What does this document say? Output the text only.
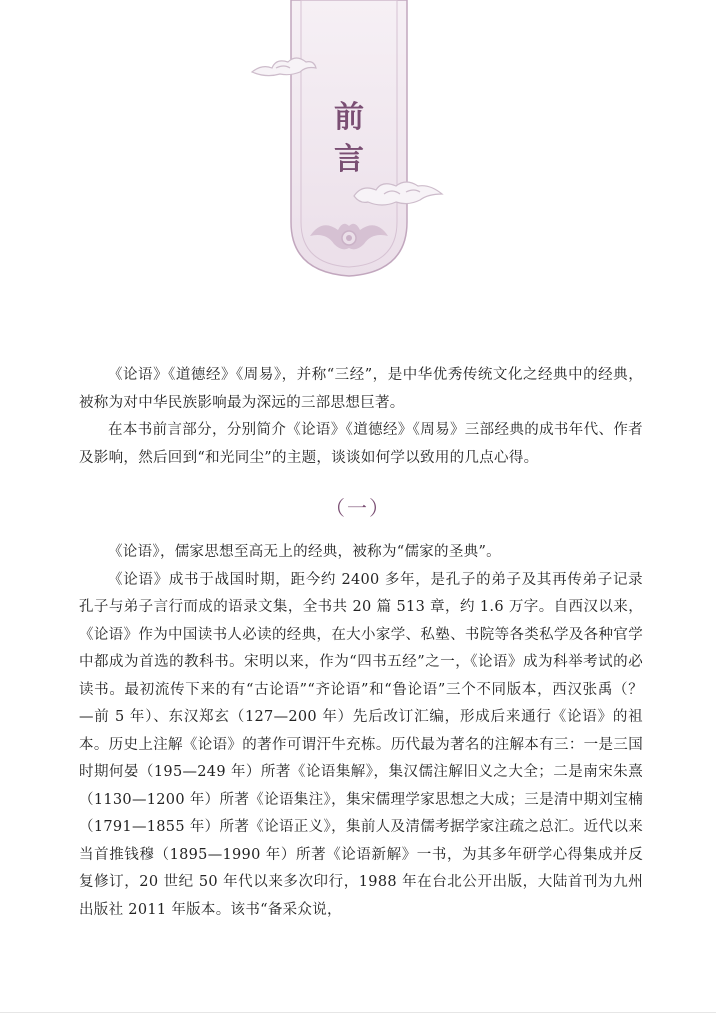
前
言

《论语》《道德经》《周易》，并称“三经”，是中华优秀传统文化之经典中的经典，被称为对中华民族影响最为深远的三部思想巨著。

在本书前言部分，分别简介《论语》《道德经》《周易》三部经典的成书年代、作者及影响，然后回到“和光同尘”的主题，谈谈如何学以致用的几点心得。

（一）

《论语》，儒家思想至高无上的经典，被称为“儒家的圣典”。

《论语》成书于战国时期，距今约 2400 多年，是孔子的弟子及其再传弟子记录孔子与弟子言行而成的语录文集，全书共 20 篇 513 章，约 1.6 万字。自西汉以来，《论语》作为中国读书人必读的经典，在大小家学、私塾、书院等各类私学及各种官学中都成为首选的教科书。宋明以来，作为“四书五经”之一，《论语》成为科举考试的必读书。最初流传下来的有“古论语”“齐论语”和“鲁论语”三个不同版本，西汉张禹（？—前 5 年）、东汉郑玄（127—200 年）先后改订汇编，形成后来通行《论语》的祖本。历史上注解《论语》的著作可谓汗牛充栋。历代最为著名的注解本有三：一是三国时期何晏（195—249 年）所著《论语集解》，集汉儒注解旧义之大全；二是南宋朱熹（1130—1200 年）所著《论语集注》，集宋儒理学家思想之大成；三是清中期刘宝楠（1791—1855 年）所著《论语正义》，集前人及清儒考据学家注疏之总汇。近代以来当首推钱穆（1895—1990 年）所著《论语新解》一书，为其多年研学心得集成并反复修订，20 世纪 50 年代以来多次印行，1988 年在台北公开出版，大陆首刊为九州出版社 2011 年版本。该书“备采众说，
